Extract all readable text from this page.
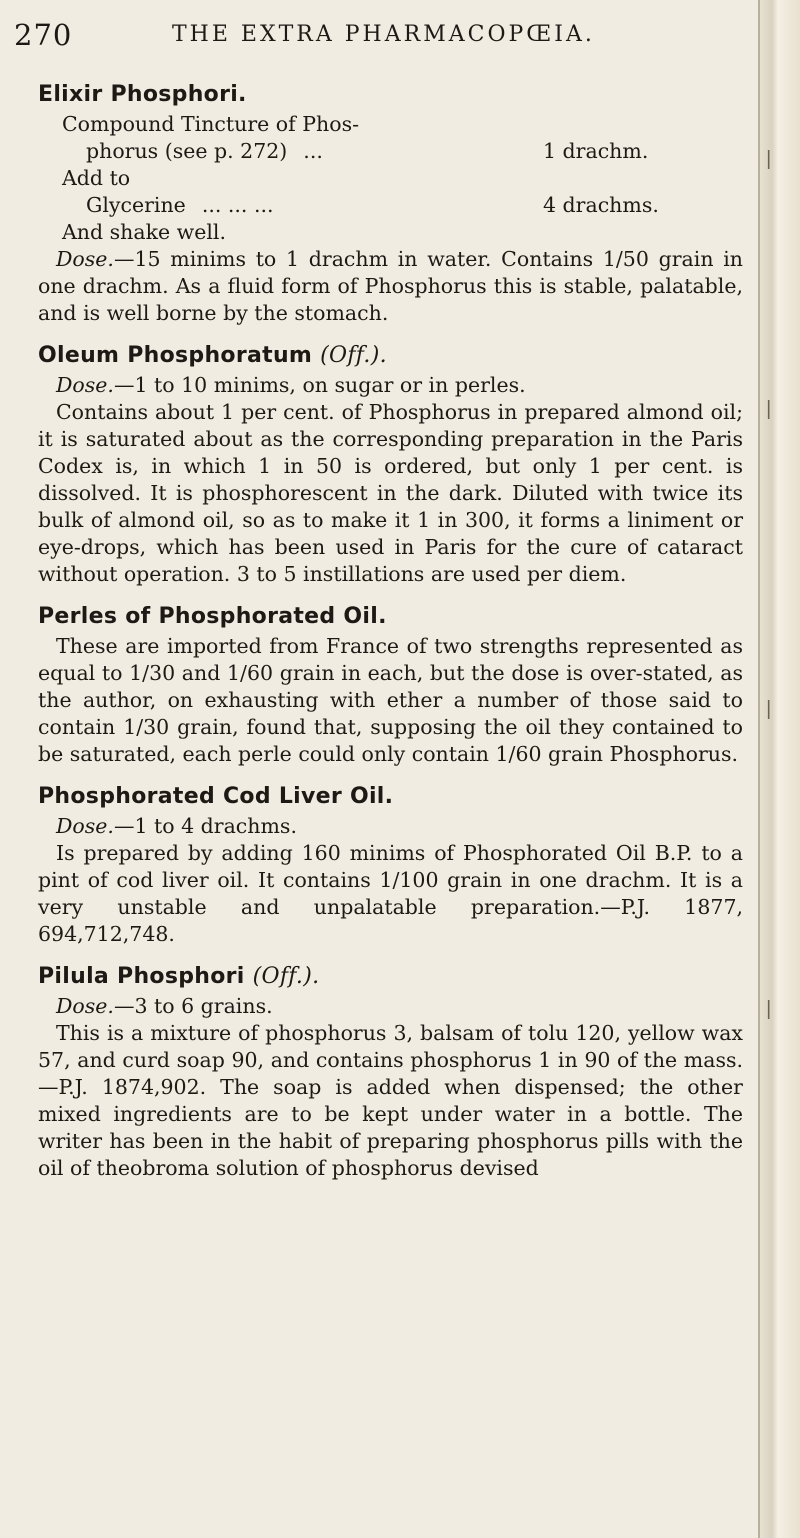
270	THE EXTRA PHARMACOPŒIA.
Elixir Phosphori.
Compound Tincture of Phos-
phorus (see p. 272) ...	1 drachm.
Add to
Glycerine ... ... ...	4 drachms.
And shake well.

Dose.—15 minims to 1 drachm in water. Contains 1/50 grain in one drachm. As a fluid form of Phosphorus this is stable, palatable, and is well borne by the stomach.

Oleum Phosphoratum (Off.).

Dose.—1 to 10 minims, on sugar or in perles.

Contains about 1 per cent. of Phosphorus in prepared almond oil; it is saturated about as the corresponding preparation in the Paris Codex is, in which 1 in 50 is ordered, but only 1 per cent. is dissolved. It is phosphorescent in the dark. Diluted with twice its bulk of almond oil, so as to make it 1 in 300, it forms a liniment or eye-drops, which has been used in Paris for the cure of cataract without operation. 3 to 5 instillations are used per diem.

Perles of Phosphorated Oil.

These are imported from France of two strengths represented as equal to 1/30 and 1/60 grain in each, but the dose is over-stated, as the author, on exhausting with ether a number of those said to contain 1/30 grain, found that, supposing the oil they contained to be saturated, each perle could only contain 1/60 grain Phosphorus.

Phosphorated Cod Liver Oil.

Dose.—1 to 4 drachms.

Is prepared by adding 160 minims of Phosphorated Oil B.P. to a pint of cod liver oil. It contains 1/100 grain in one drachm. It is a very unstable and unpalatable preparation.—P.J. 1877, 694,712,748.

Pilula Phosphori (Off.).

Dose.—3 to 6 grains.

This is a mixture of phosphorus 3, balsam of tolu 120, yellow wax 57, and curd soap 90, and contains phosphorus 1 in 90 of the mass.—P.J. 1874,902. The soap is added when dispensed; the other mixed ingredients are to be kept under water in a bottle. The writer has been in the habit of preparing phosphorus pills with the oil of theobroma solution of phosphorus devised

▏
▏
▏
▏
